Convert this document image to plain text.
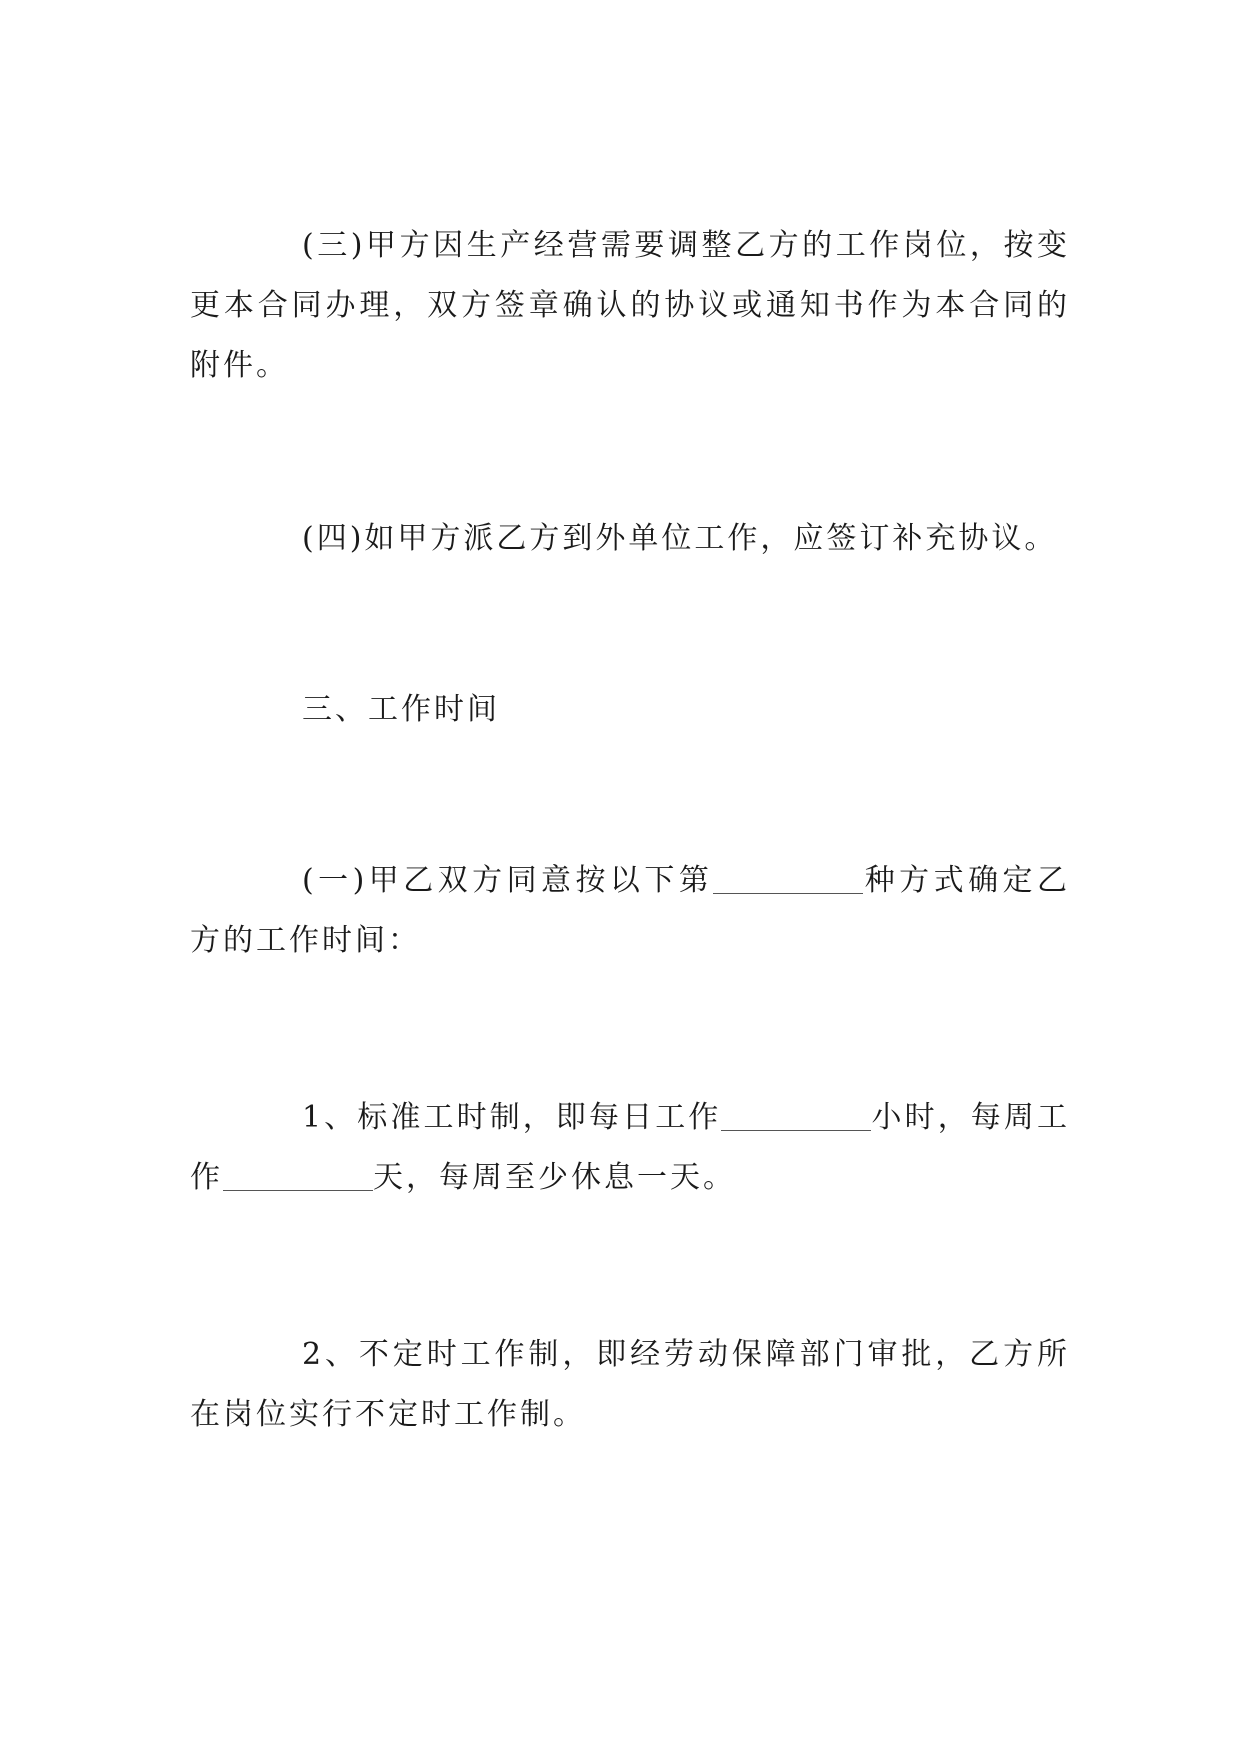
(三)甲方因生产经营需要调整乙方的工作岗位，按变更本合同办理，双方签章确认的协议或通知书作为本合同的附件。

(四)如甲方派乙方到外单位工作，应签订补充协议。

三、工作时间

(一)甲乙双方同意按以下第	种方式确定乙方的工作时间：

1、标准工时制，即每日工作	小时，每周工作	天，每周至少休息一天。

2、不定时工作制，即经劳动保障部门审批，乙方所在岗位实行不定时工作制。
